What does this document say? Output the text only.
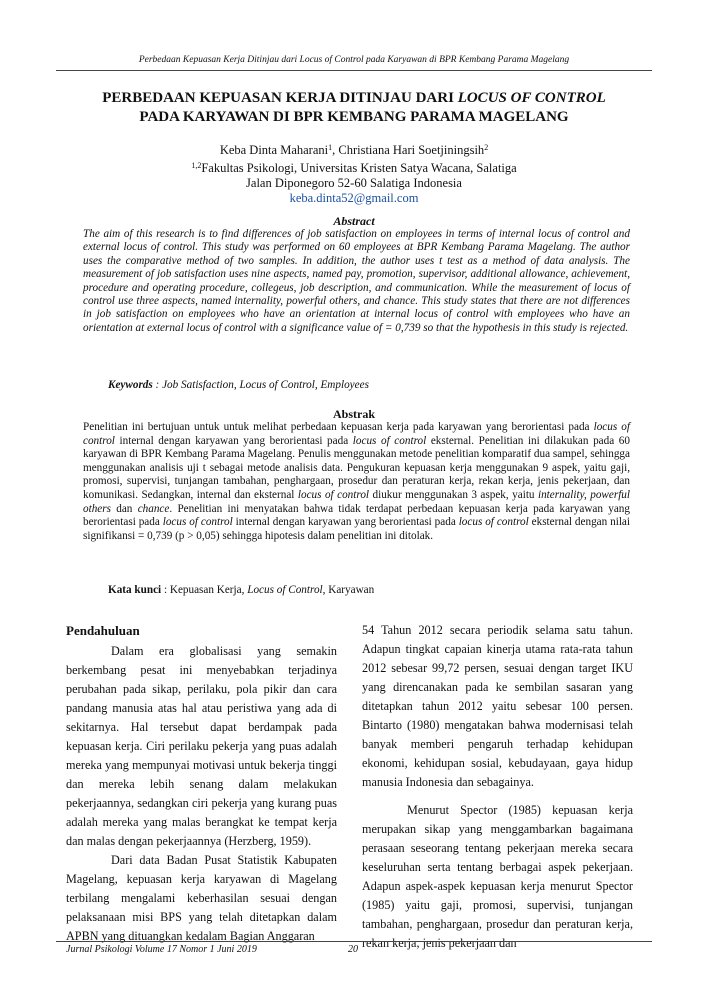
Perbedaan Kepuasan Kerja Ditinjau dari Locus of Control pada Karyawan di BPR Kembang Parama Magelang
PERBEDAAN KEPUASAN KERJA DITINJAU DARI LOCUS OF CONTROL
PADA KARYAWAN DI BPR KEMBANG PARAMA MAGELANG
Keba Dinta Maharani$^1$, Christiana Hari Soetjiningsih$^2$
$^{1,2}$Fakultas Psikologi, Universitas Kristen Satya Wacana, Salatiga
Jalan Diponegoro 52-60 Salatiga Indonesia
keba.dinta52@gmail.com
Abstract
The aim of this research is to find differences of job satisfaction on employees in terms of internal locus of control and external locus of control. This study was performed on 60 employees at BPR Kembang Parama Magelang. The author uses the comparative method of two samples. In addition, the author uses t test as a method of data analysis. The measurement of job satisfaction uses nine aspects, named pay, promotion, supervisor, additional allowance, achievement, procedure and operating procedure, collegeus, job description, and communication. While the measurement of locus of control use three aspects, named internality, powerful others, and chance. This study states that there are not differences in job satisfaction on employees who have an orientation at internal locus of control with employees who have an orientation at external locus of control with a significance value of = 0,739 so that the hypothesis in this study is rejected.
Keywords : Job Satisfaction, Locus of Control, Employees
Abstrak
Penelitian ini bertujuan untuk untuk melihat perbedaan kepuasan kerja pada karyawan yang berorientasi pada locus of control internal dengan karyawan yang berorientasi pada locus of control eksternal. Penelitian ini dilakukan pada 60 karyawan di BPR Kembang Parama Magelang. Penulis menggunakan metode penelitian komparatif dua sampel, sehingga menggunakan analisis uji t sebagai metode analisis data. Pengukuran kepuasan kerja menggunakan 9 aspek, yaitu gaji, promosi, supervisi, tunjangan tambahan, penghargaan, prosedur dan peraturan kerja, rekan kerja, jenis pekerjaan, dan komunikasi. Sedangkan, internal dan eksternal locus of control diukur menggunakan 3 aspek, yaitu internality, powerful others dan chance. Penelitian ini menyatakan bahwa tidak terdapat perbedaan kepuasan kerja pada karyawan yang berorientasi pada locus of control internal dengan karyawan yang berorientasi pada locus of control eksternal dengan nilai signifikansi = 0,739 (p > 0,05) sehingga hipotesis dalam penelitian ini ditolak.
Kata kunci : Kepuasan Kerja, Locus of Control, Karyawan
Pendahuluan

Dalam era globalisasi yang semakin berkembang pesat ini menyebabkan terjadinya perubahan pada sikap, perilaku, pola pikir dan cara pandang manusia atas hal atau peristiwa yang ada di sekitarnya. Hal tersebut dapat berdampak pada kepuasan kerja. Ciri perilaku pekerja yang puas adalah mereka yang mempunyai motivasi untuk bekerja tinggi dan mereka lebih senang dalam melakukan pekerjaannya, sedangkan ciri pekerja yang kurang puas adalah mereka yang malas berangkat ke tempat kerja dan malas dengan pekerjaannya (Herzberg, 1959).

Dari data Badan Pusat Statistik Kabupaten Magelang, kepuasan kerja karyawan di Magelang terbilang mengalami keberhasilan sesuai dengan pelaksanaan misi BPS yang telah ditetapkan dalam APBN yang dituangkan kedalam Bagian Anggaran

54 Tahun 2012 secara periodik selama satu tahun. Adapun tingkat capaian kinerja utama rata-rata tahun 2012 sebesar 99,72 persen, sesuai dengan target IKU yang direncanakan pada ke sembilan sasaran yang ditetapkan tahun 2012 yaitu sebesar 100 persen. Bintarto (1980) mengatakan bahwa modernisasi telah banyak memberi pengaruh terhadap kehidupan ekonomi, kehidupan sosial, kebudayaan, gaya hidup manusia Indonesia dan sebagainya.

Menurut Spector (1985) kepuasan kerja merupakan sikap yang menggambarkan bagaimana perasaan seseorang tentang pekerjaan mereka secara keseluruhan serta tentang berbagai aspek pekerjaan. Adapun aspek-aspek kepuasan kerja menurut Spector (1985) yaitu gaji, promosi, supervisi, tunjangan tambahan, penghargaan, prosedur dan peraturan kerja, rekan kerja, jenis pekerjaan dan

Jurnal Psikologi Volume 17 Nomor 1 Juni 2019	20
